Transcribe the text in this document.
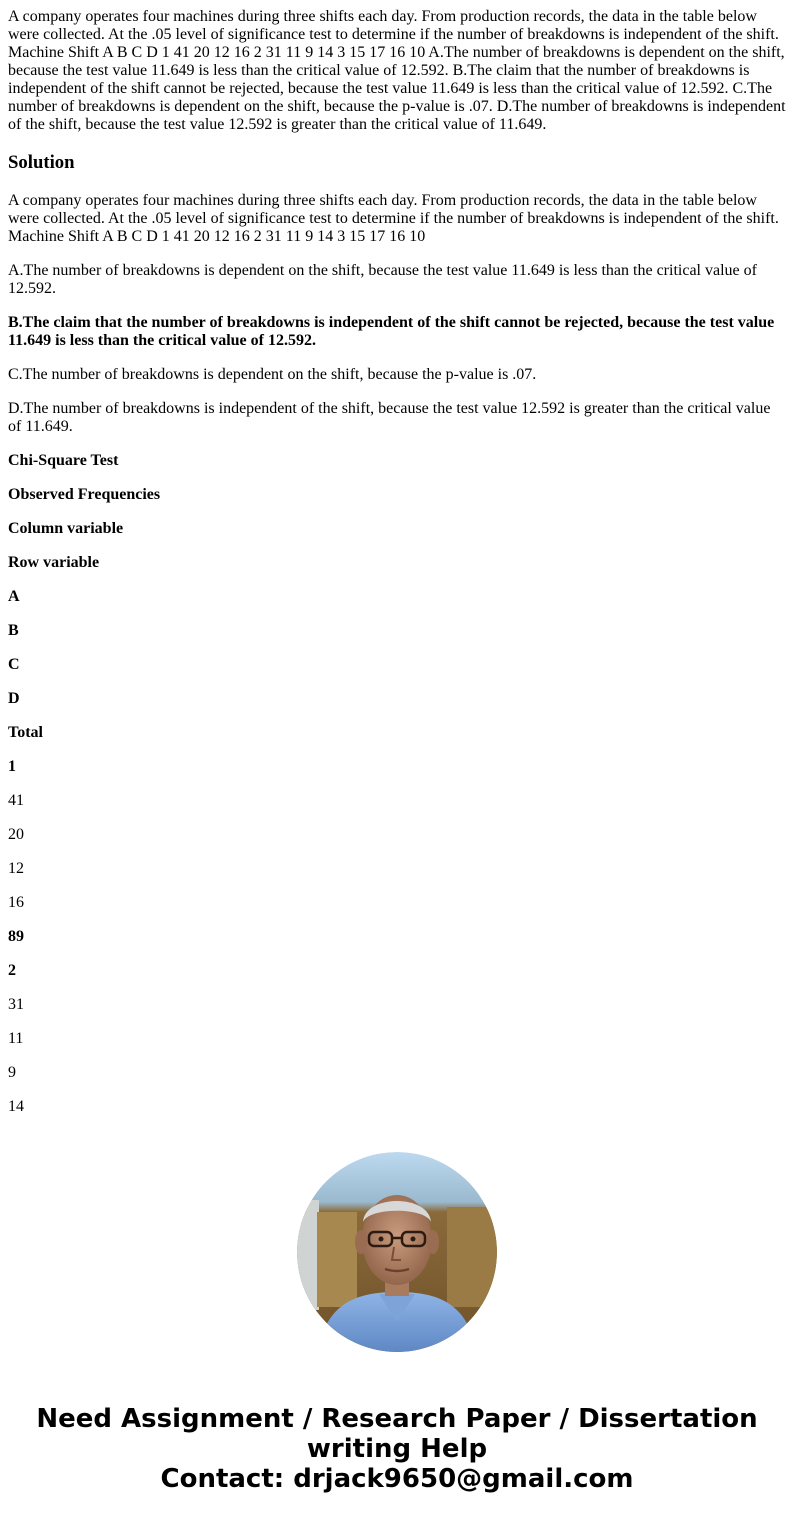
A company operates four machines during three shifts each day. From production records, the data in the table below were collected. At the .05 level of significance test to determine if the number of breakdowns is independent of the shift. Machine Shift A B C D 1 41 20 12 16 2 31 11 9 14 3 15 17 16 10 A.The number of breakdowns is dependent on the shift, because the test value 11.649 is less than the critical value of 12.592. B.The claim that the number of breakdowns is independent of the shift cannot be rejected, because the test value 11.649 is less than the critical value of 12.592. C.The number of breakdowns is dependent on the shift, because the p-value is .07. D.The number of breakdowns is independent of the shift, because the test value 12.592 is greater than the critical value of 11.649.

Solution

A company operates four machines during three shifts each day. From production records, the data in the table below were collected. At the .05 level of significance test to determine if the number of breakdowns is independent of the shift. Machine Shift A B C D 1 41 20 12 16 2 31 11 9 14 3 15 17 16 10

A.The number of breakdowns is dependent on the shift, because the test value 11.649 is less than the critical value of 12.592.

B.The claim that the number of breakdowns is independent of the shift cannot be rejected, because the test value 11.649 is less than the critical value of 12.592.

C.The number of breakdowns is dependent on the shift, because the p-value is .07.

D.The number of breakdowns is independent of the shift, because the test value 12.592 is greater than the critical value of 11.649.

Chi-Square Test

Observed Frequencies

Column variable

Row variable

A

B

C

D

Total

1

41

20

12

16

89

2

31

11

9

14

Need Assignment / Research Paper / Dissertation
writing Help
Contact: drjack9650@gmail.com
